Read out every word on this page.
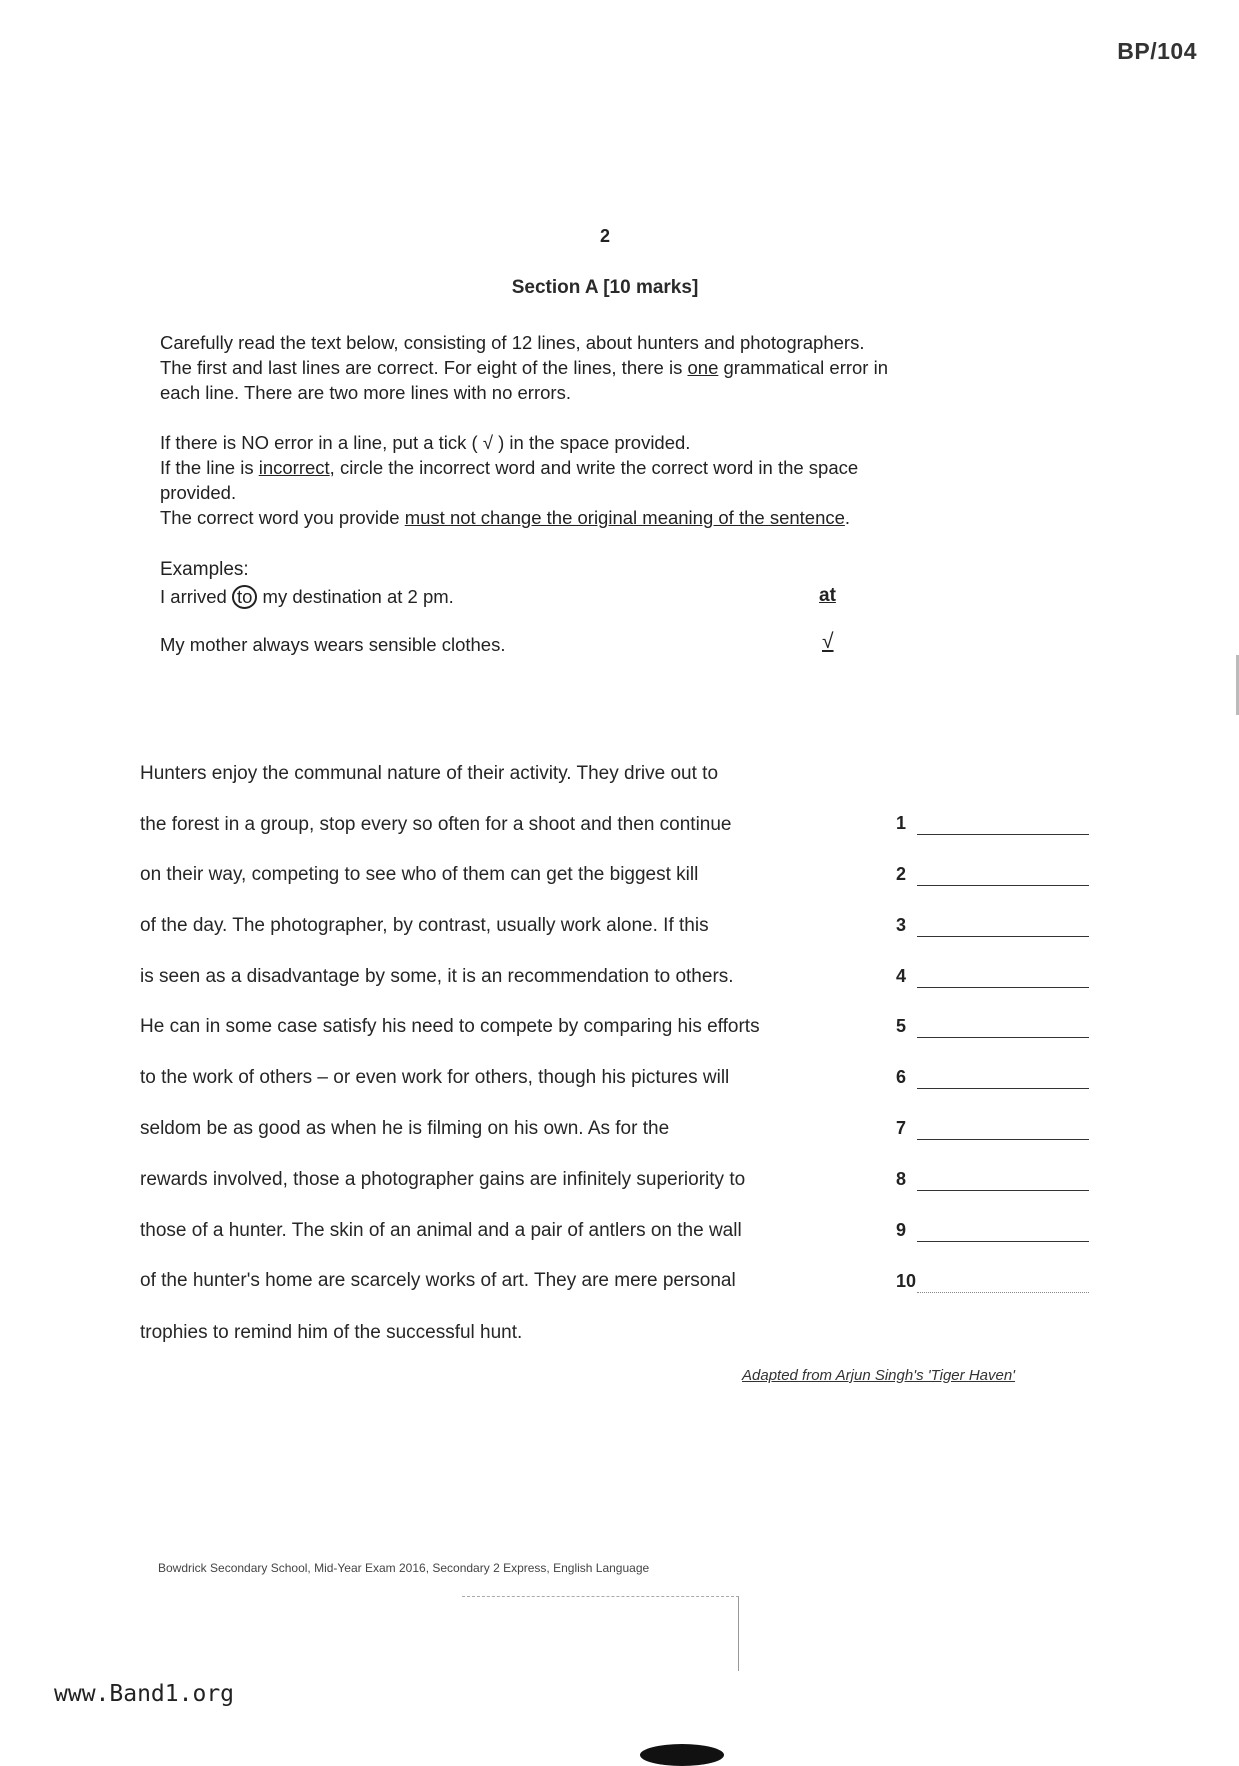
BP/104
2
Section A [10 marks]
Carefully read the text below, consisting of 12 lines, about hunters and photographers.
The first and last lines are correct. For eight of the lines, there is one grammatical error in
each line. There are two more lines with no errors.
If there is NO error in a line, put a tick ( √ ) in the space provided.
If the line is incorrect, circle the incorrect word and write the correct word in the space
provided.
The correct word you provide must not change the original meaning of the sentence.
Examples:
I arrived to my destination at 2 pm.	at
My mother always wears sensible clothes.	√
Hunters enjoy the communal nature of their activity. They drive out to
the forest in a group, stop every so often for a shoot and then continue
on their way, competing to see who of them can get the biggest kill
of the day. The photographer, by contrast, usually work alone. If this
is seen as a disadvantage by some, it is an recommendation to others.
He can in some case satisfy his need to compete by comparing his efforts
to the work of others – or even work for others, though his pictures will
seldom be as good as when he is filming on his own. As for the
rewards involved, those a photographer gains are infinitely superiority to
those of a hunter. The skin of an animal and a pair of antlers on the wall
of the hunter's home are scarcely works of art. They are mere personal
trophies to remind him of the successful hunt.
1
2
3
4
5
6
7
8
9
10
Adapted from Arjun Singh's 'Tiger Haven'
Bowdrick Secondary School, Mid-Year Exam 2016, Secondary 2 Express, English Language
www.Band1.org
